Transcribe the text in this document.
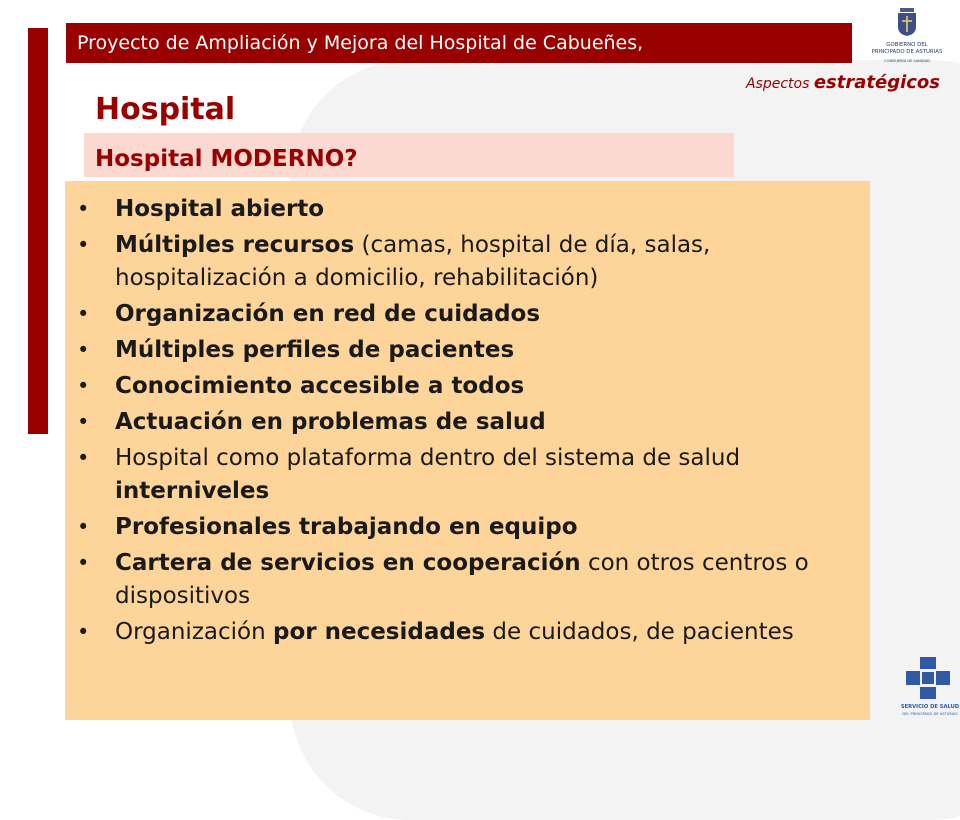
Proyecto de Ampliación y Mejora del Hospital de Cabueñes,	GOBIERNO DEL
PRINCIPADO DE ASTURIAS
CONSEJERÍA DE SANIDAD
Aspectos estratégicos
Hospital
Hospital MODERNO?
• Hospital abierto
• Múltiples recursos (camas, hospital de día, salas, hospitalización a domicilio, rehabilitación)
• Organización en red de cuidados
• Múltiples perfiles de pacientes
• Conocimiento accesible a todos
• Actuación en problemas de salud
• Hospital como plataforma dentro del sistema de salud interniveles
• Profesionales trabajando en equipo
• Cartera de servicios en cooperación con otros centros o dispositivos
• Organización por necesidades de cuidados, de pacientes
SERVICIO DE SALUD
DEL PRINCIPADO DE ASTURIAS
